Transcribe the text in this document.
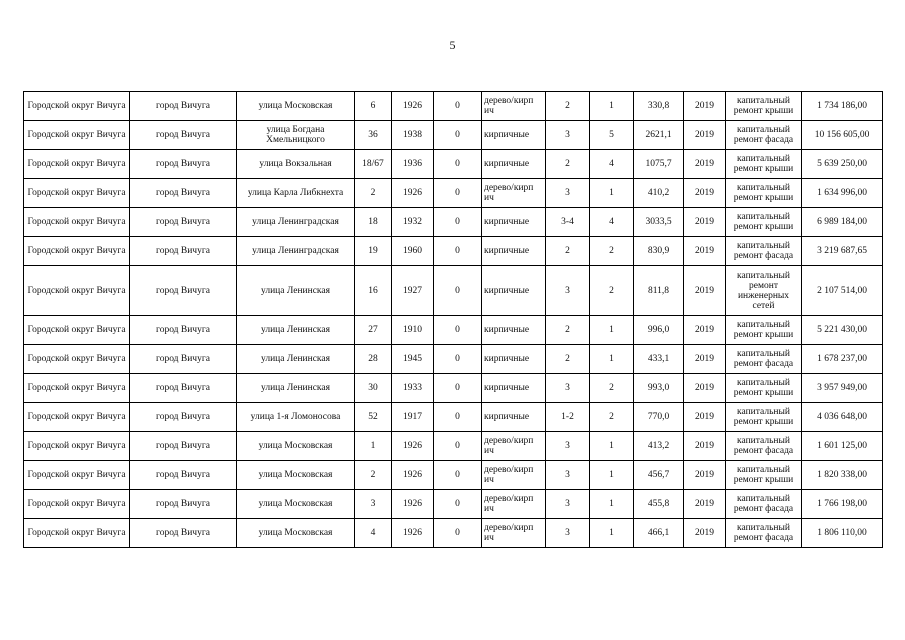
5
Городской округ Вичуга	город Вичуга	улица Московская	6	1926	0	дерево/кирп ич	2	1	330,8	2019	капитальный ремонт крыши	1 734 186,00
Городской округ Вичуга	город Вичуга	улица Богдана Хмельницкого	36	1938	0	кирпичные	3	5	2621,1	2019	капитальный ремонт фасада	10 156 605,00
Городской округ Вичуга	город Вичуга	улица Вокзальная	18/67	1936	0	кирпичные	2	4	1075,7	2019	капитальный ремонт крыши	5 639 250,00
Городской округ Вичуга	город Вичуга	улица Карла Либкнехта	2	1926	0	дерево/кирп ич	3	1	410,2	2019	капитальный ремонт крыши	1 634 996,00
Городской округ Вичуга	город Вичуга	улица Ленинградская	18	1932	0	кирпичные	3-4	4	3033,5	2019	капитальный ремонт крыши	6 989 184,00
Городской округ Вичуга	город Вичуга	улица Ленинградская	19	1960	0	кирпичные	2	2	830,9	2019	капитальный ремонт фасада	3 219 687,65
Городской округ Вичуга	город Вичуга	улица Ленинская	16	1927	0	кирпичные	3	2	811,8	2019	капитальный ремонт инженерных сетей	2 107 514,00
Городской округ Вичуга	город Вичуга	улица Ленинская	27	1910	0	кирпичные	2	1	996,0	2019	капитальный ремонт крыши	5 221 430,00
Городской округ Вичуга	город Вичуга	улица Ленинская	28	1945	0	кирпичные	2	1	433,1	2019	капитальный ремонт фасада	1 678 237,00
Городской округ Вичуга	город Вичуга	улица Ленинская	30	1933	0	кирпичные	3	2	993,0	2019	капитальный ремонт крыши	3 957 949,00
Городской округ Вичуга	город Вичуга	улица 1-я Ломоносова	52	1917	0	кирпичные	1-2	2	770,0	2019	капитальный ремонт крыши	4 036 648,00
Городской округ Вичуга	город Вичуга	улица Московская	1	1926	0	дерево/кирп ич	3	1	413,2	2019	капитальный ремонт фасада	1 601 125,00
Городской округ Вичуга	город Вичуга	улица Московская	2	1926	0	дерево/кирп ич	3	1	456,7	2019	капитальный ремонт крыши	1 820 338,00
Городской округ Вичуга	город Вичуга	улица Московская	3	1926	0	дерево/кирп ич	3	1	455,8	2019	капитальный ремонт фасада	1 766 198,00
Городской округ Вичуга	город Вичуга	улица Московская	4	1926	0	дерево/кирп ич	3	1	466,1	2019	капитальный ремонт фасада	1 806 110,00
